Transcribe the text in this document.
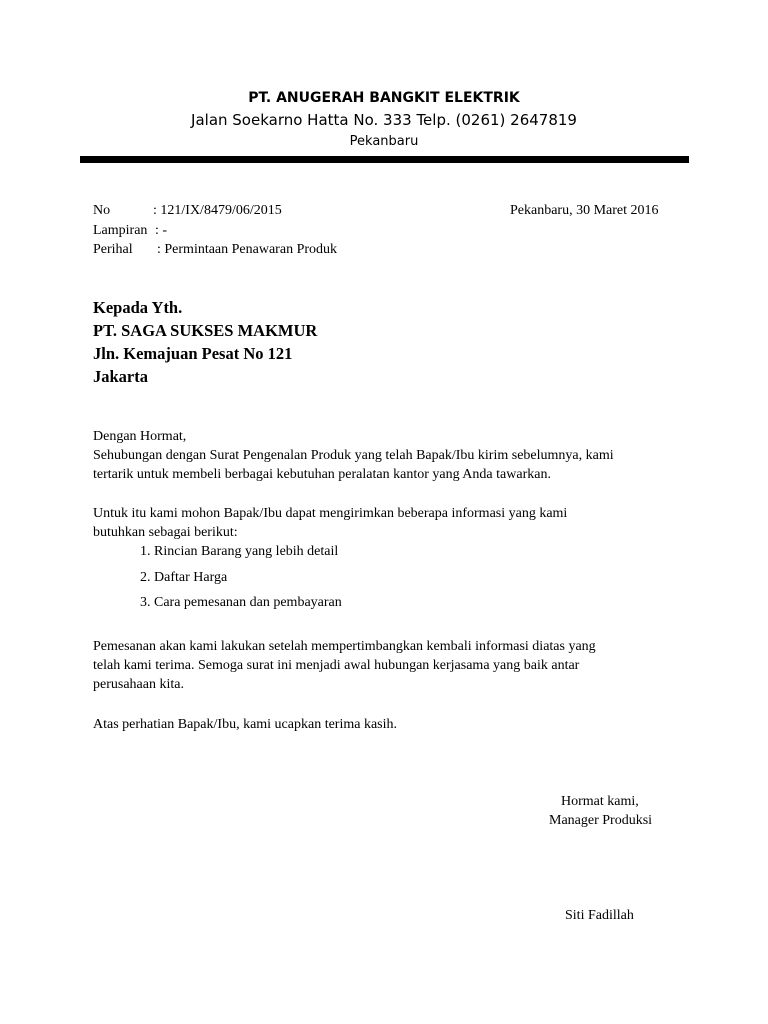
PT. ANUGERAH BANGKIT ELEKTRIK
Jalan Soekarno Hatta No. 333 Telp. (0261) 2647819
Pekanbaru
No	: 121/IX/8479/06/2015
Lampiran : -
Perihal : Permintaan Penawaran Produk
Pekanbaru, 30 Maret 2016
Kepada Yth.
PT. SAGA SUKSES MAKMUR
Jln. Kemajuan Pesat No 121
Jakarta
Dengan Hormat,
Sehubungan dengan Surat Pengenalan Produk yang telah Bapak/Ibu kirim sebelumnya, kami
tertarik untuk membeli berbagai kebutuhan peralatan kantor yang Anda tawarkan.
Untuk itu kami mohon Bapak/Ibu dapat mengirimkan beberapa informasi yang kami
butuhkan sebagai berikut:
1. Rincian Barang yang lebih detail
2. Daftar Harga
3. Cara pemesanan dan pembayaran
Pemesanan akan kami lakukan setelah mempertimbangkan kembali informasi diatas yang
telah kami terima. Semoga surat ini menjadi awal hubungan kerjasama yang baik antar
perusahaan kita.
Atas perhatian Bapak/Ibu, kami ucapkan terima kasih.
Hormat kami,
Manager Produksi
Siti Fadillah
